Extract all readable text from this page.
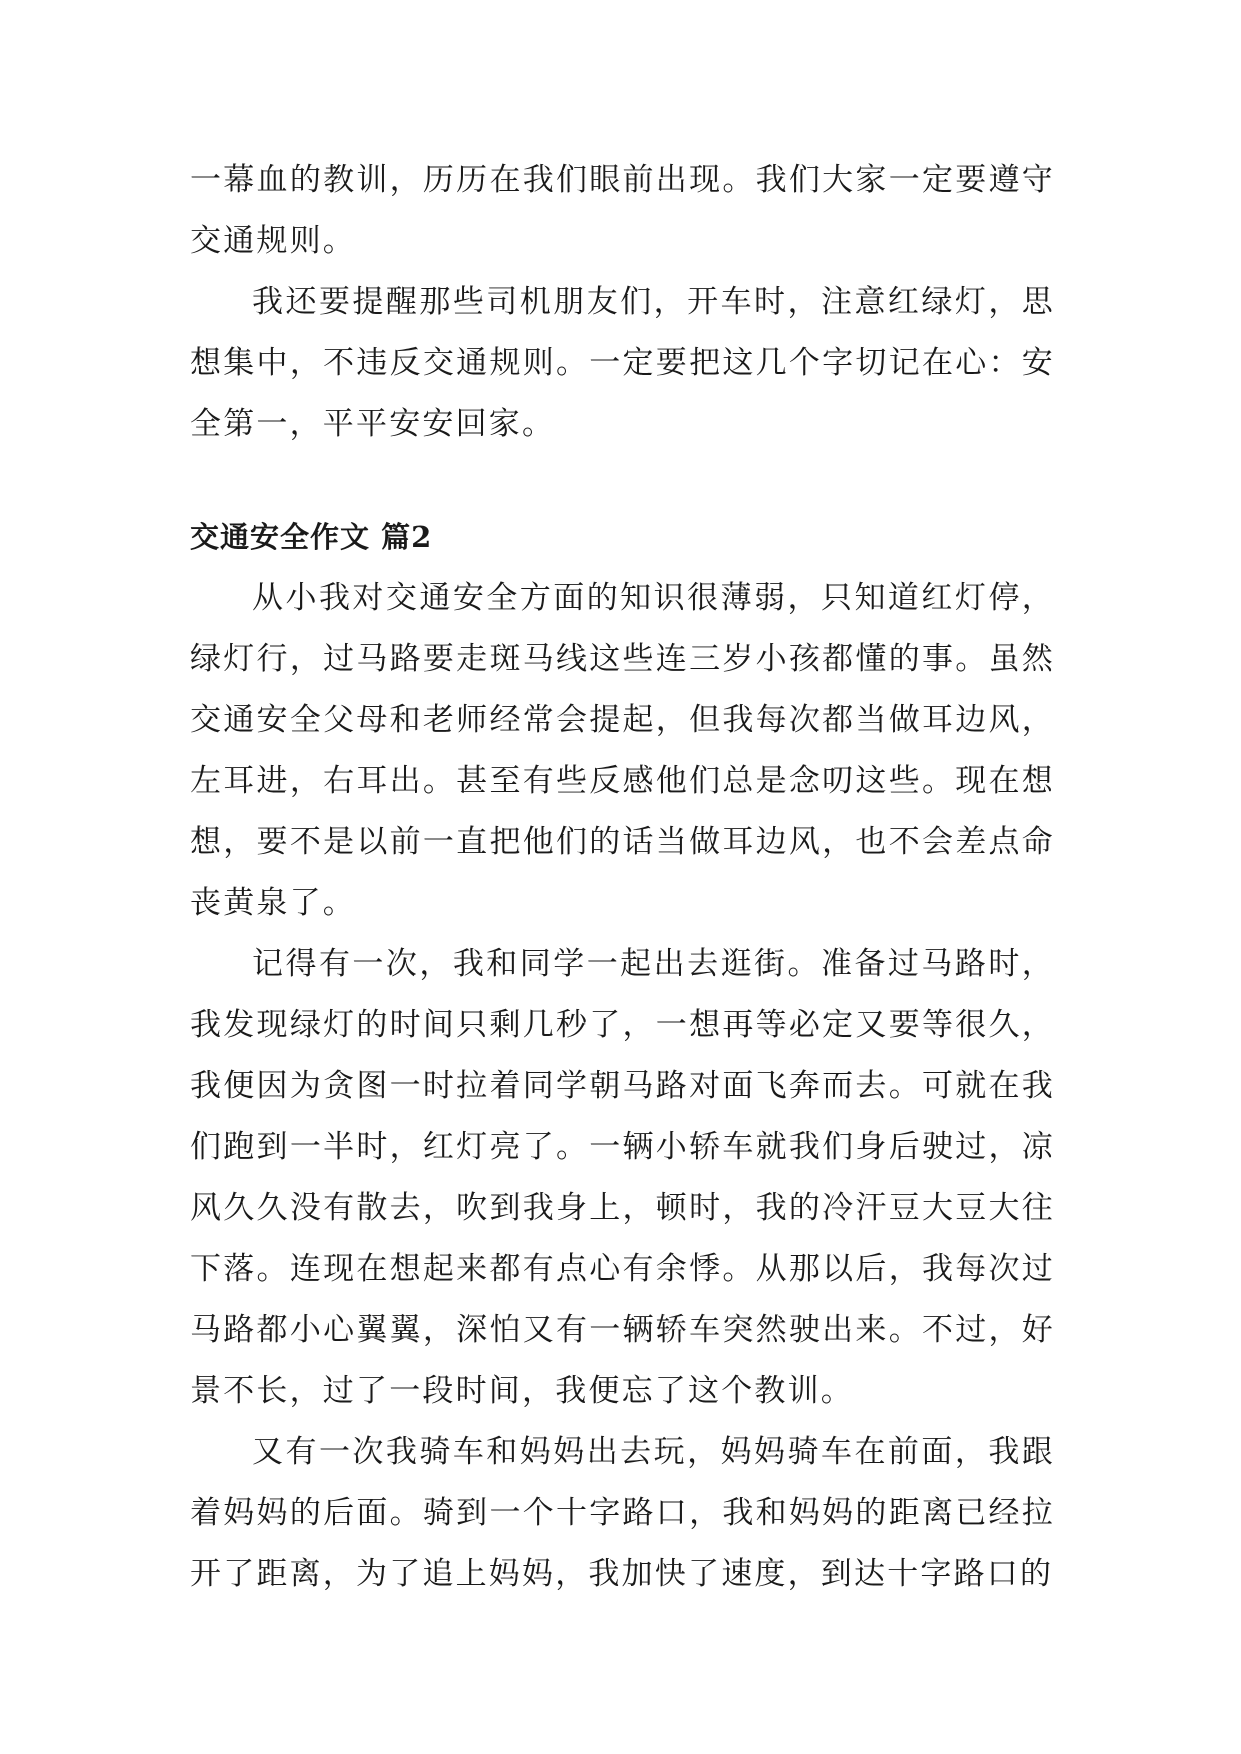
一幕血的教训，历历在我们眼前出现。我们大家一定要遵守交通规则。

我还要提醒那些司机朋友们，开车时，注意红绿灯，思想集中，不违反交通规则。一定要把这几个字切记在心：安全第一，平平安安回家。

交通安全作文 篇2

从小我对交通安全方面的知识很薄弱，只知道红灯停，绿灯行，过马路要走斑马线这些连三岁小孩都懂的事。虽然交通安全父母和老师经常会提起，但我每次都当做耳边风，左耳进，右耳出。甚至有些反感他们总是念叨这些。现在想想，要不是以前一直把他们的话当做耳边风，也不会差点命丧黄泉了。

记得有一次，我和同学一起出去逛街。准备过马路时，我发现绿灯的时间只剩几秒了，一想再等必定又要等很久，我便因为贪图一时拉着同学朝马路对面飞奔而去。可就在我们跑到一半时，红灯亮了。一辆小轿车就我们身后驶过，凉风久久没有散去，吹到我身上，顿时，我的冷汗豆大豆大往下落。连现在想起来都有点心有余悸。从那以后，我每次过马路都小心翼翼，深怕又有一辆轿车突然驶出来。不过，好景不长，过了一段时间，我便忘了这个教训。

又有一次我骑车和妈妈出去玩，妈妈骑车在前面，我跟着妈妈的后面。骑到一个十字路口，我和妈妈的距离已经拉开了距离，为了追上妈妈，我加快了速度，到达十字路口的
